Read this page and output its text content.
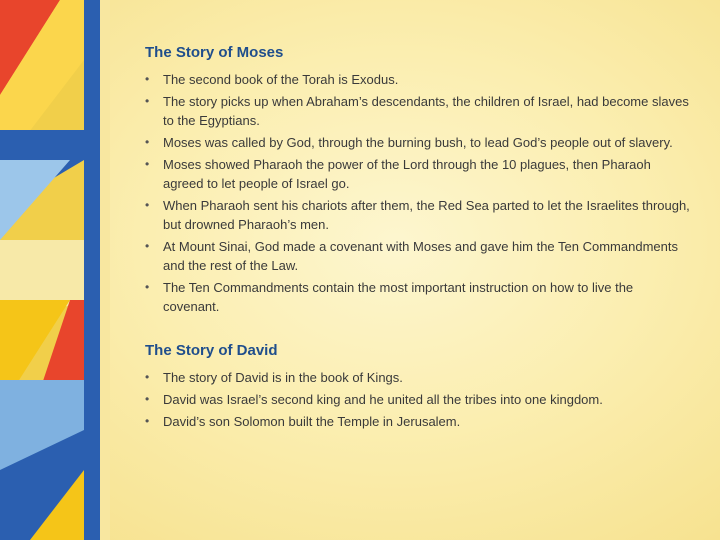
The Story of Moses
• The second book of the Torah is Exodus.
• The story picks up when Abraham’s descendants, the children of Israel, had become slaves to the Egyptians.
• Moses was called by God, through the burning bush, to lead God’s people out of slavery.
• Moses showed Pharaoh the power of the Lord through the 10 plagues, then Pharaoh agreed to let people of Israel go.
• When Pharaoh sent his chariots after them, the Red Sea parted to let the Israelites through, but drowned Pharaoh’s men.
• At Mount Sinai, God made a covenant with Moses and gave him the Ten Commandments and the rest of the Law.
• The Ten Commandments contain the most important instruction on how to live the covenant.
The Story of David
• The story of David is in the book of Kings.
• David was Israel’s second king and he united all the tribes into one kingdom.
• David’s son Solomon built the Temple in Jerusalem.
